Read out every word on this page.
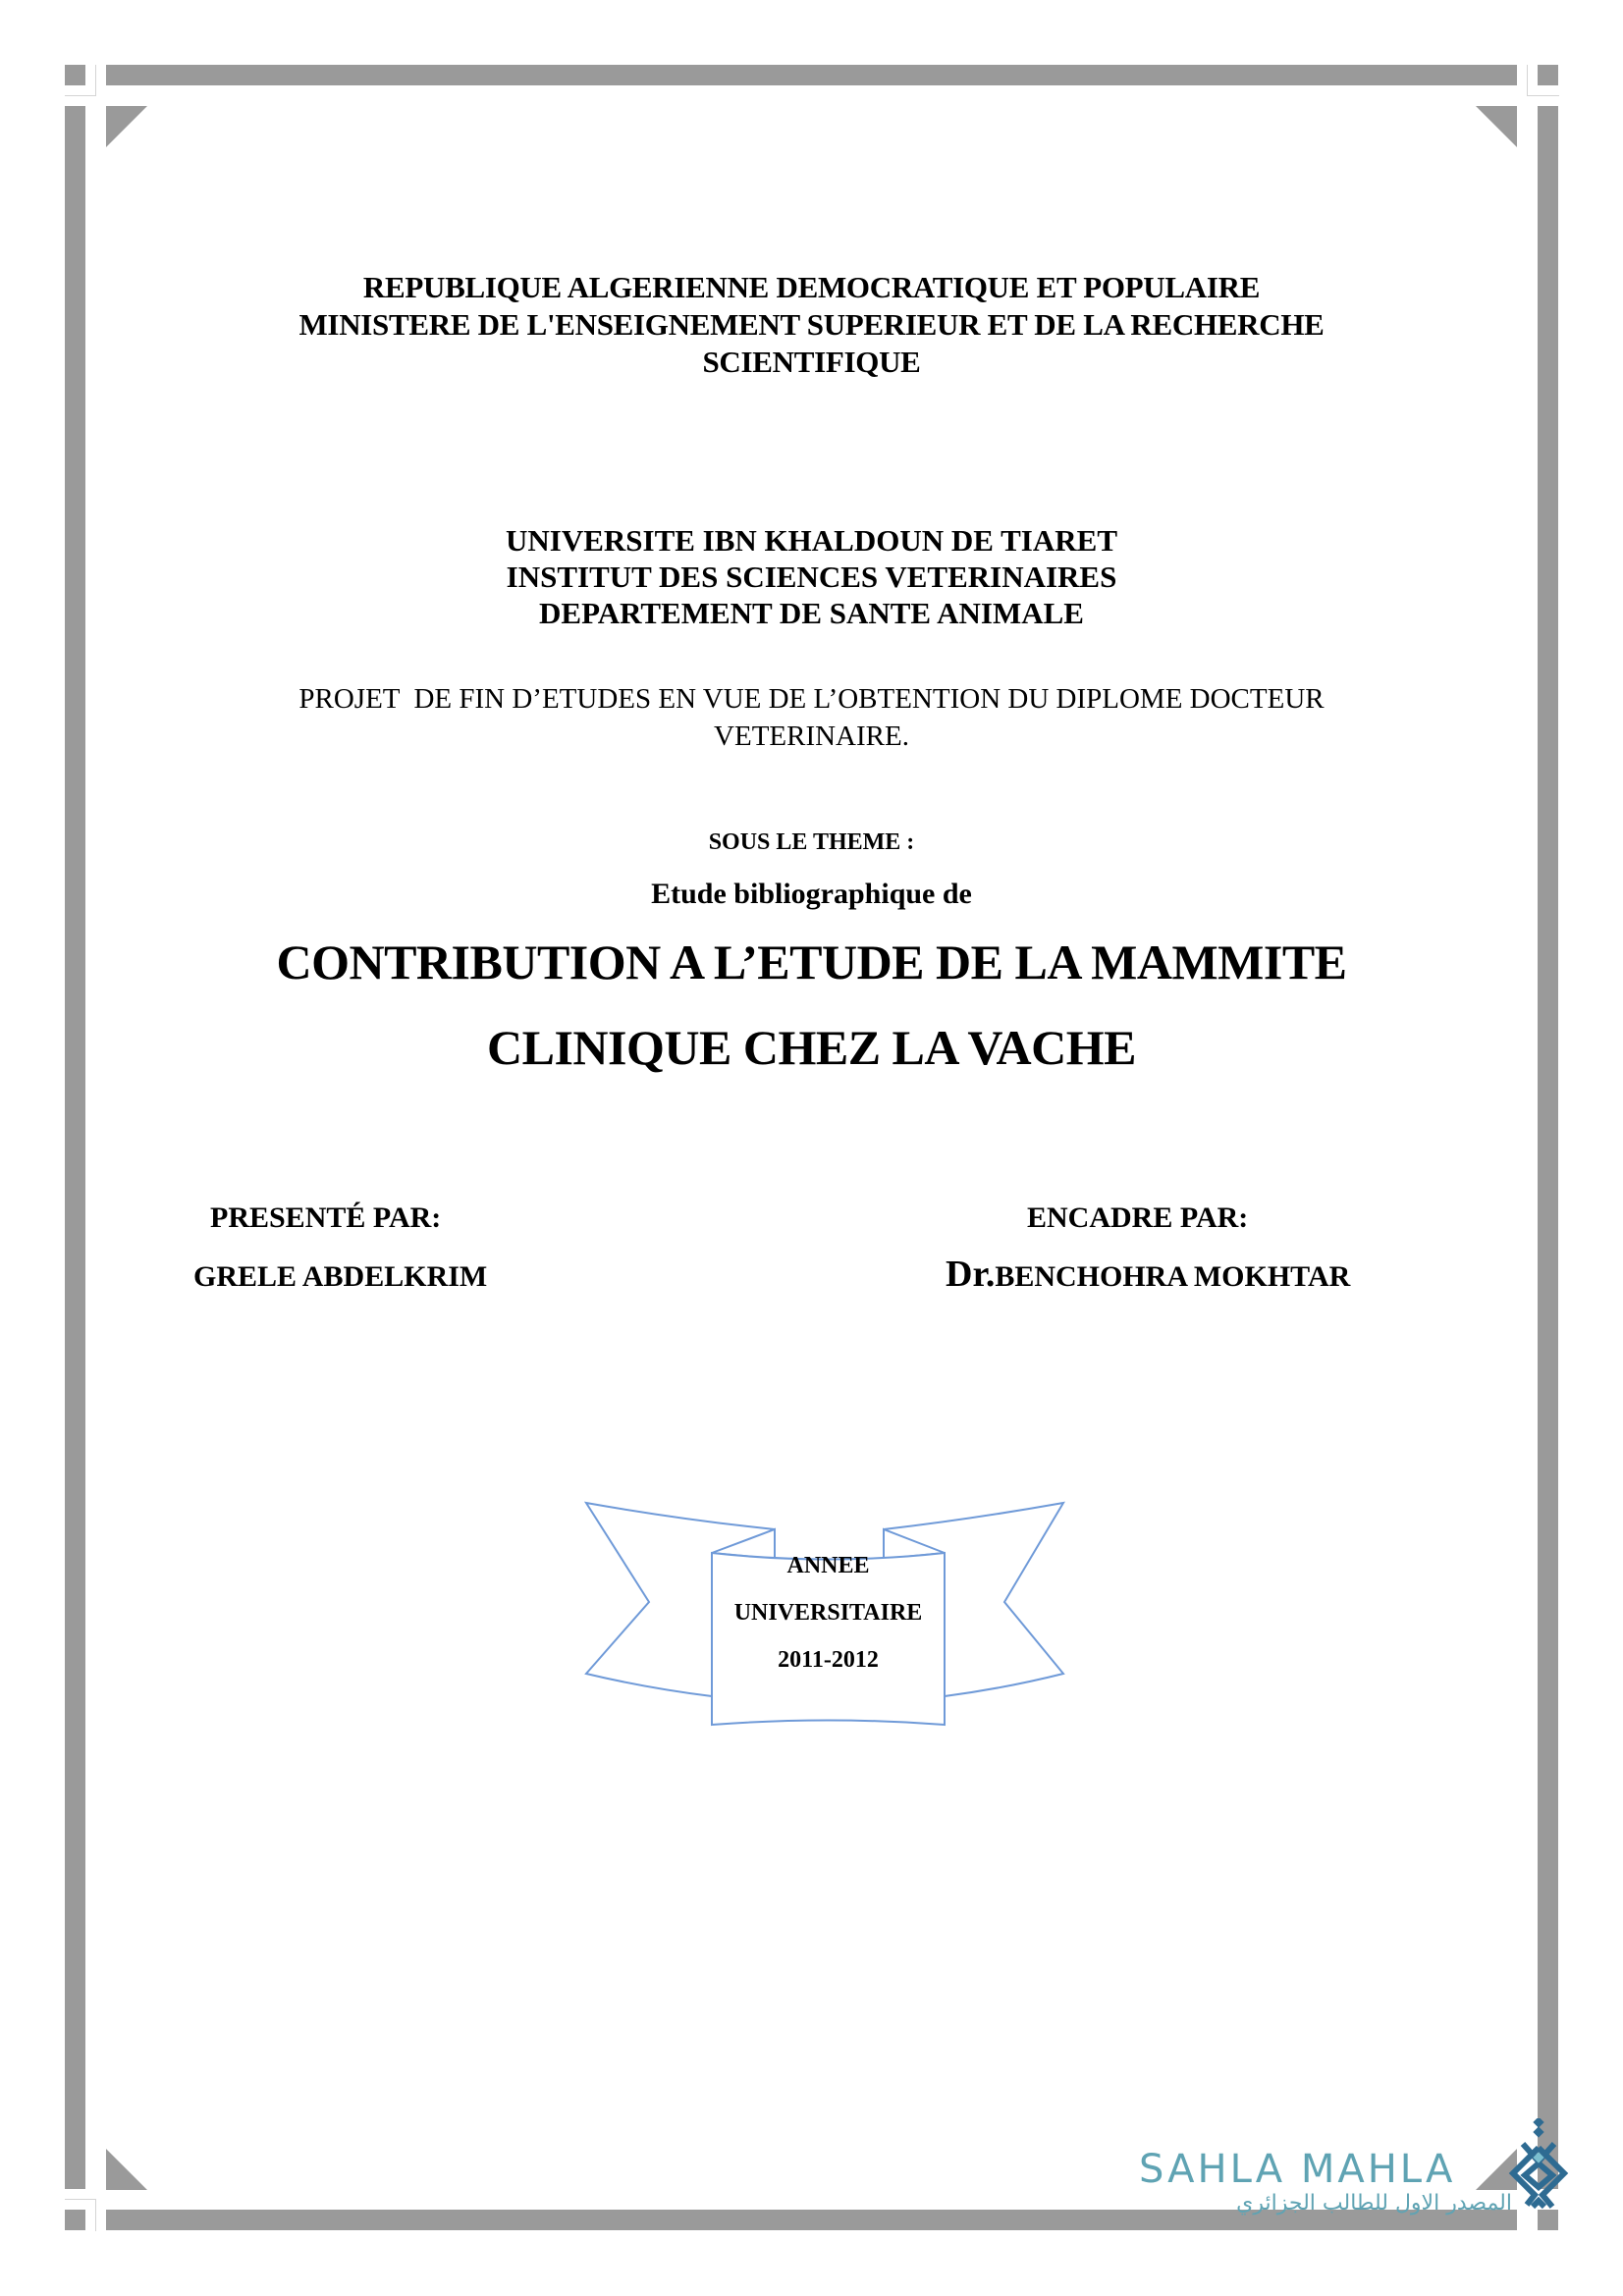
REPUBLIQUE ALGERIENNE DEMOCRATIQUE ET POPULAIRE
MINISTERE DE L'ENSEIGNEMENT SUPERIEUR ET DE LA RECHERCHE
SCIENTIFIQUE
UNIVERSITE IBN KHALDOUN DE TIARET
INSTITUT DES SCIENCES VETERINAIRES
DEPARTEMENT DE SANTE ANIMALE
PROJET  DE FIN D’ETUDES EN VUE DE L’OBTENTION DU DIPLOME DOCTEUR
VETERINAIRE.
SOUS LE THEME :
Etude bibliographique de
CONTRIBUTION A L’ETUDE DE LA MAMMITE
CLINIQUE CHEZ LA VACHE
PRESENTÉ PAR:
GRELE ABDELKRIM
ENCADRE PAR:
Dr.BENCHOHRA MOKHTAR
ANNEE
UNIVERSITAIRE
2011-2012
SAHLA MAHLA
المصدر الاول للطالب الجزائري
